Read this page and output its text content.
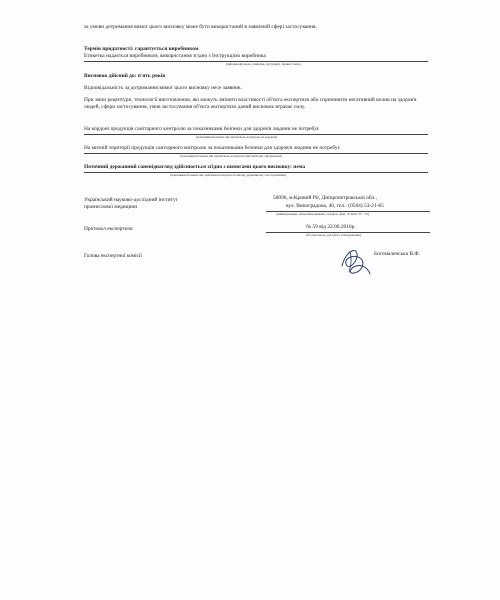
за умови дотримання вимог цього висновку може бути використаний в заявленій сфері застосування.
Термін придатності: гарантується виробником
Етикетка надається виробником, використання згідно з Інструкцією виробника
(інформація щодо етикетки, інструкції, правил тощо)
Висновок дійсний до: п'ять років
Відповідальність за дотримання вимог цього висновку несе заявник.
При зміні рецептури, технології виготовлення, які можуть змінити властивості об'єкта експертизи або спричинити негативний вплив на здоров'я людей, сфери застосування, умов застосування об'єкта експертизи даний висновок втрачає силу.
На кордоні продукція санітарного контролю за показниками безпеки для здоров'я людини не потребує
(показники безпеки, які підлягають контролю на кордоні)
На митній території продукція санітарного контролю за показниками безпеки для здоров'я людини не потребує
(показники безпеки, які підлягають контролю при митному оформленні)
Поточний державний санепіднагляд здійснюється згідно з вимогами цього висновку: нема
(показники безпеки, які здійснюються при поточному державному спостереженні)
Український науково-дослідний інститут
промислової медицини
50096, м.Кривий Ріг, Дніпропетровської обл.,
вул. Виноградова, 40, тел.: (0564) 53-21-85
(найменування, місцезнаходження, телефон, факс, E-mail, W³ - W)
Протокол експертизи	№ 59 від 22.06.2016р.
(№ протоколу, дата його затвердження)
Голова експертної комісії	Богомаленська В.Ф.
